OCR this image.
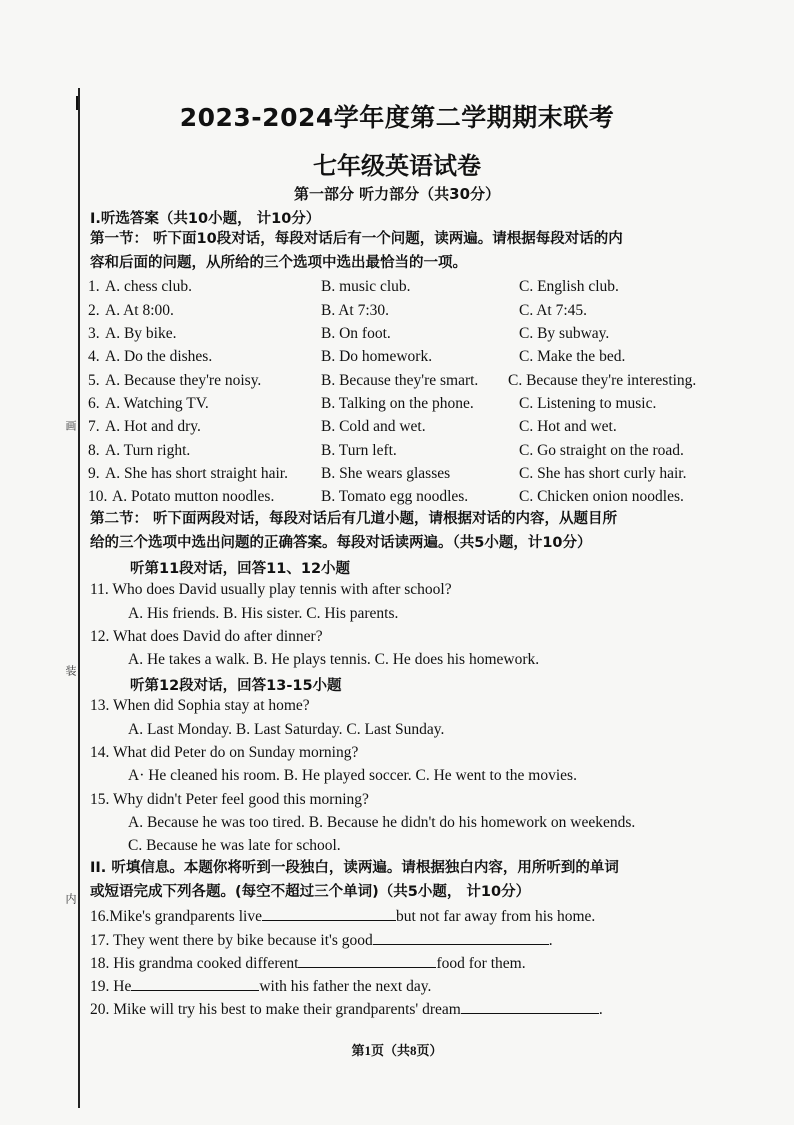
画
装
内
2023-2024学年度第二学期期末联考
七年级英语试卷
第一部分 听力部分（共30分）
I.听选答案（共10小题， 计10分）
第一节： 听下面10段对话，每段对话后有一个问题，读两遍。请根据每段对话的内
容和后面的问题，从所给的三个选项中选出最恰当的一项。
1. A. chess club.	B. music club.	C. English club.
2. A. At 8:00.	B. At 7:30.	C. At 7:45.
3. A. By bike.	B. On foot.	C. By subway.
4. A. Do the dishes.	B. Do homework.	C. Make the bed.
5. A. Because they're noisy.	B. Because they're smart. C. Because they're interesting.
6. A. Watching TV.	B. Talking on the phone.	C. Listening to music.
7. A. Hot and dry.	B. Cold and wet.	C. Hot and wet.
8. A. Turn right.	B. Turn left.	C. Go straight on the road.
9. A. She has short straight hair. B. She wears glasses	C. She has short curly hair.
10. A. Potato mutton noodles.	B. Tomato egg noodles.	C. Chicken onion noodles.
第二节： 听下面两段对话，每段对话后有几道小题，请根据对话的内容，从题目所
给的三个选项中选出问题的正确答案。每段对话读两遍。（共5小题，计10分）
听第11段对话，回答11、12小题
11. Who does David usually play tennis with after school?
A. His friends. B. His sister. C. His parents.
12. What does David do after dinner?
A. He takes a walk. B. He plays tennis. C. He does his homework.
听第12段对话，回答13-15小题
13. When did Sophia stay at home?
A. Last Monday. B. Last Saturday. C. Last Sunday.
14. What did Peter do on Sunday morning?
A· He cleaned his room. B. He played soccer. C. He went to the movies.
15. Why didn't Peter feel good this morning?
A. Because he was too tired. B. Because he didn't do his homework on weekends.
C. Because he was late for school.
II. 听填信息。本题你将听到一段独白，读两遍。请根据独白内容，用所听到的单词
或短语完成下列各题。(每空不超过三个单词)（共5小题， 计10分）
16.Mike's grandparents live	but not far away from his home.
17. They went there by bike because it's good	.
18. His grandma cooked different	food for them.
19. He	with his father the next day.
20. Mike will try his best to make their grandparents' dream	.
第1页（共8页）
